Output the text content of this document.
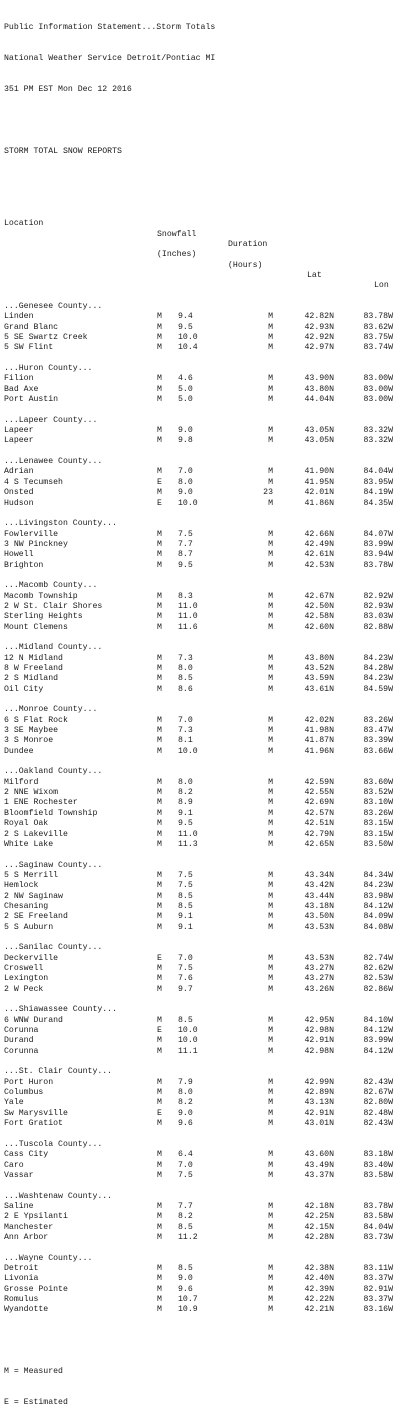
Public Information Statement...Storm Totals

National Weather Service Detroit/Pontiac MI

351 PM EST Mon Dec 12 2016

STORM TOTAL SNOW REPORTS

Location

Snowfall

Duration

(Inches)

(Hours)

Lat

Lon

...Genesee County...
Linden	M 9.4	M	42.82N	83.78W
Grand Blanc	M 9.5	M	42.93N	83.62W
5 SE Swartz Creek	M 10.0	M	42.92N	83.75W
5 SW Flint	M 10.4	M	42.97N	83.74W
...Huron County...
Filion	M 4.6	M	43.90N	83.00W
Bad Axe	M 5.0	M	43.80N	83.00W
Port Austin	M 5.0	M	44.04N	83.00W
...Lapeer County...
Lapeer	M 9.0	M	43.05N	83.32W
Lapeer	M 9.8	M	43.05N	83.32W
...Lenawee County...
Adrian	M 7.0	M	41.90N	84.04W
4 S Tecumseh	E 8.0	M	41.95N	83.95W
Onsted	M 9.0	23	42.01N	84.19W
Hudson	E 10.0	M	41.86N	84.35W
...Livingston County...
Fowlerville	M 7.5	M	42.66N	84.07W
3 NW Pinckney	M 7.7	M	42.49N	83.99W
Howell	M 8.7	M	42.61N	83.94W
Brighton	M 9.5	M	42.53N	83.78W
...Macomb County...
Macomb Township	M 8.3	M	42.67N	82.92W
2 W St. Clair Shores	M 11.0	M	42.50N	82.93W
Sterling Heights	M 11.0	M	42.58N	83.03W
Mount Clemens	M 11.6	M	42.60N	82.88W
...Midland County...
12 N Midland	M 7.3	M	43.80N	84.23W
8 W Freeland	M 8.0	M	43.52N	84.28W
2 S Midland	M 8.5	M	43.59N	84.23W
Oil City	M 8.6	M	43.61N	84.59W
...Monroe County...
6 S Flat Rock	M 7.0	M	42.02N	83.26W
3 SE Maybee	M 7.3	M	41.98N	83.47W
3 S Monroe	M 8.1	M	41.87N	83.39W
Dundee	M 10.0	M	41.96N	83.66W
...Oakland County...
Milford	M 8.0	M	42.59N	83.60W
2 NNE Wixom	M 8.2	M	42.55N	83.52W
1 ENE Rochester	M 8.9	M	42.69N	83.10W
Bloomfield Township	M 9.1	M	42.57N	83.26W
Royal Oak	M 9.5	M	42.51N	83.15W
2 S Lakeville	M 11.0	M	42.79N	83.15W
White Lake	M 11.3	M	42.65N	83.50W
...Saginaw County...
5 S Merrill	M 7.5	M	43.34N	84.34W
Hemlock	M 7.5	M	43.42N	84.23W
2 NW Saginaw	M 8.5	M	43.44N	83.98W
Chesaning	M 8.5	M	43.18N	84.12W
2 SE Freeland	M 9.1	M	43.50N	84.09W
5 S Auburn	M 9.1	M	43.53N	84.08W
...Sanilac County...
Deckerville	E 7.0	M	43.53N	82.74W
Croswell	M 7.5	M	43.27N	82.62W
Lexington	M 7.6	M	43.27N	82.53W
2 W Peck	M 9.7	M	43.26N	82.86W
...Shiawassee County...
6 WNW Durand	M 8.5	M	42.95N	84.10W
Corunna	E 10.0	M	42.98N	84.12W
Durand	M 10.0	M	42.91N	83.99W
Corunna	M 11.1	M	42.98N	84.12W
...St. Clair County...
Port Huron	M 7.9	M	42.99N	82.43W
Columbus	M 8.0	M	42.89N	82.67W
Yale	M 8.2	M	43.13N	82.80W
Sw Marysville	E 9.0	M	42.91N	82.48W
Fort Gratiot	M 9.6	M	43.01N	82.43W
...Tuscola County...
Cass City	M 6.4	M	43.60N	83.18W
Caro	M 7.0	M	43.49N	83.40W
Vassar	M 7.5	M	43.37N	83.58W
...Washtenaw County...
Saline	M 7.7	M	42.18N	83.78W
2 E Ypsilanti	M 8.2	M	42.25N	83.58W
Manchester	M 8.5	M	42.15N	84.04W
Ann Arbor	M 11.2	M	42.28N	83.73W
...Wayne County...
Detroit	M 8.5	M	42.38N	83.11W
Livonia	M 9.0	M	42.40N	83.37W
Grosse Pointe	M 9.6	M	42.39N	82.91W
Romulus	M 10.7	M	42.22N	83.37W
Wyandotte	M 10.9	M	42.21N	83.16W

M = Measured

E = Estimated
